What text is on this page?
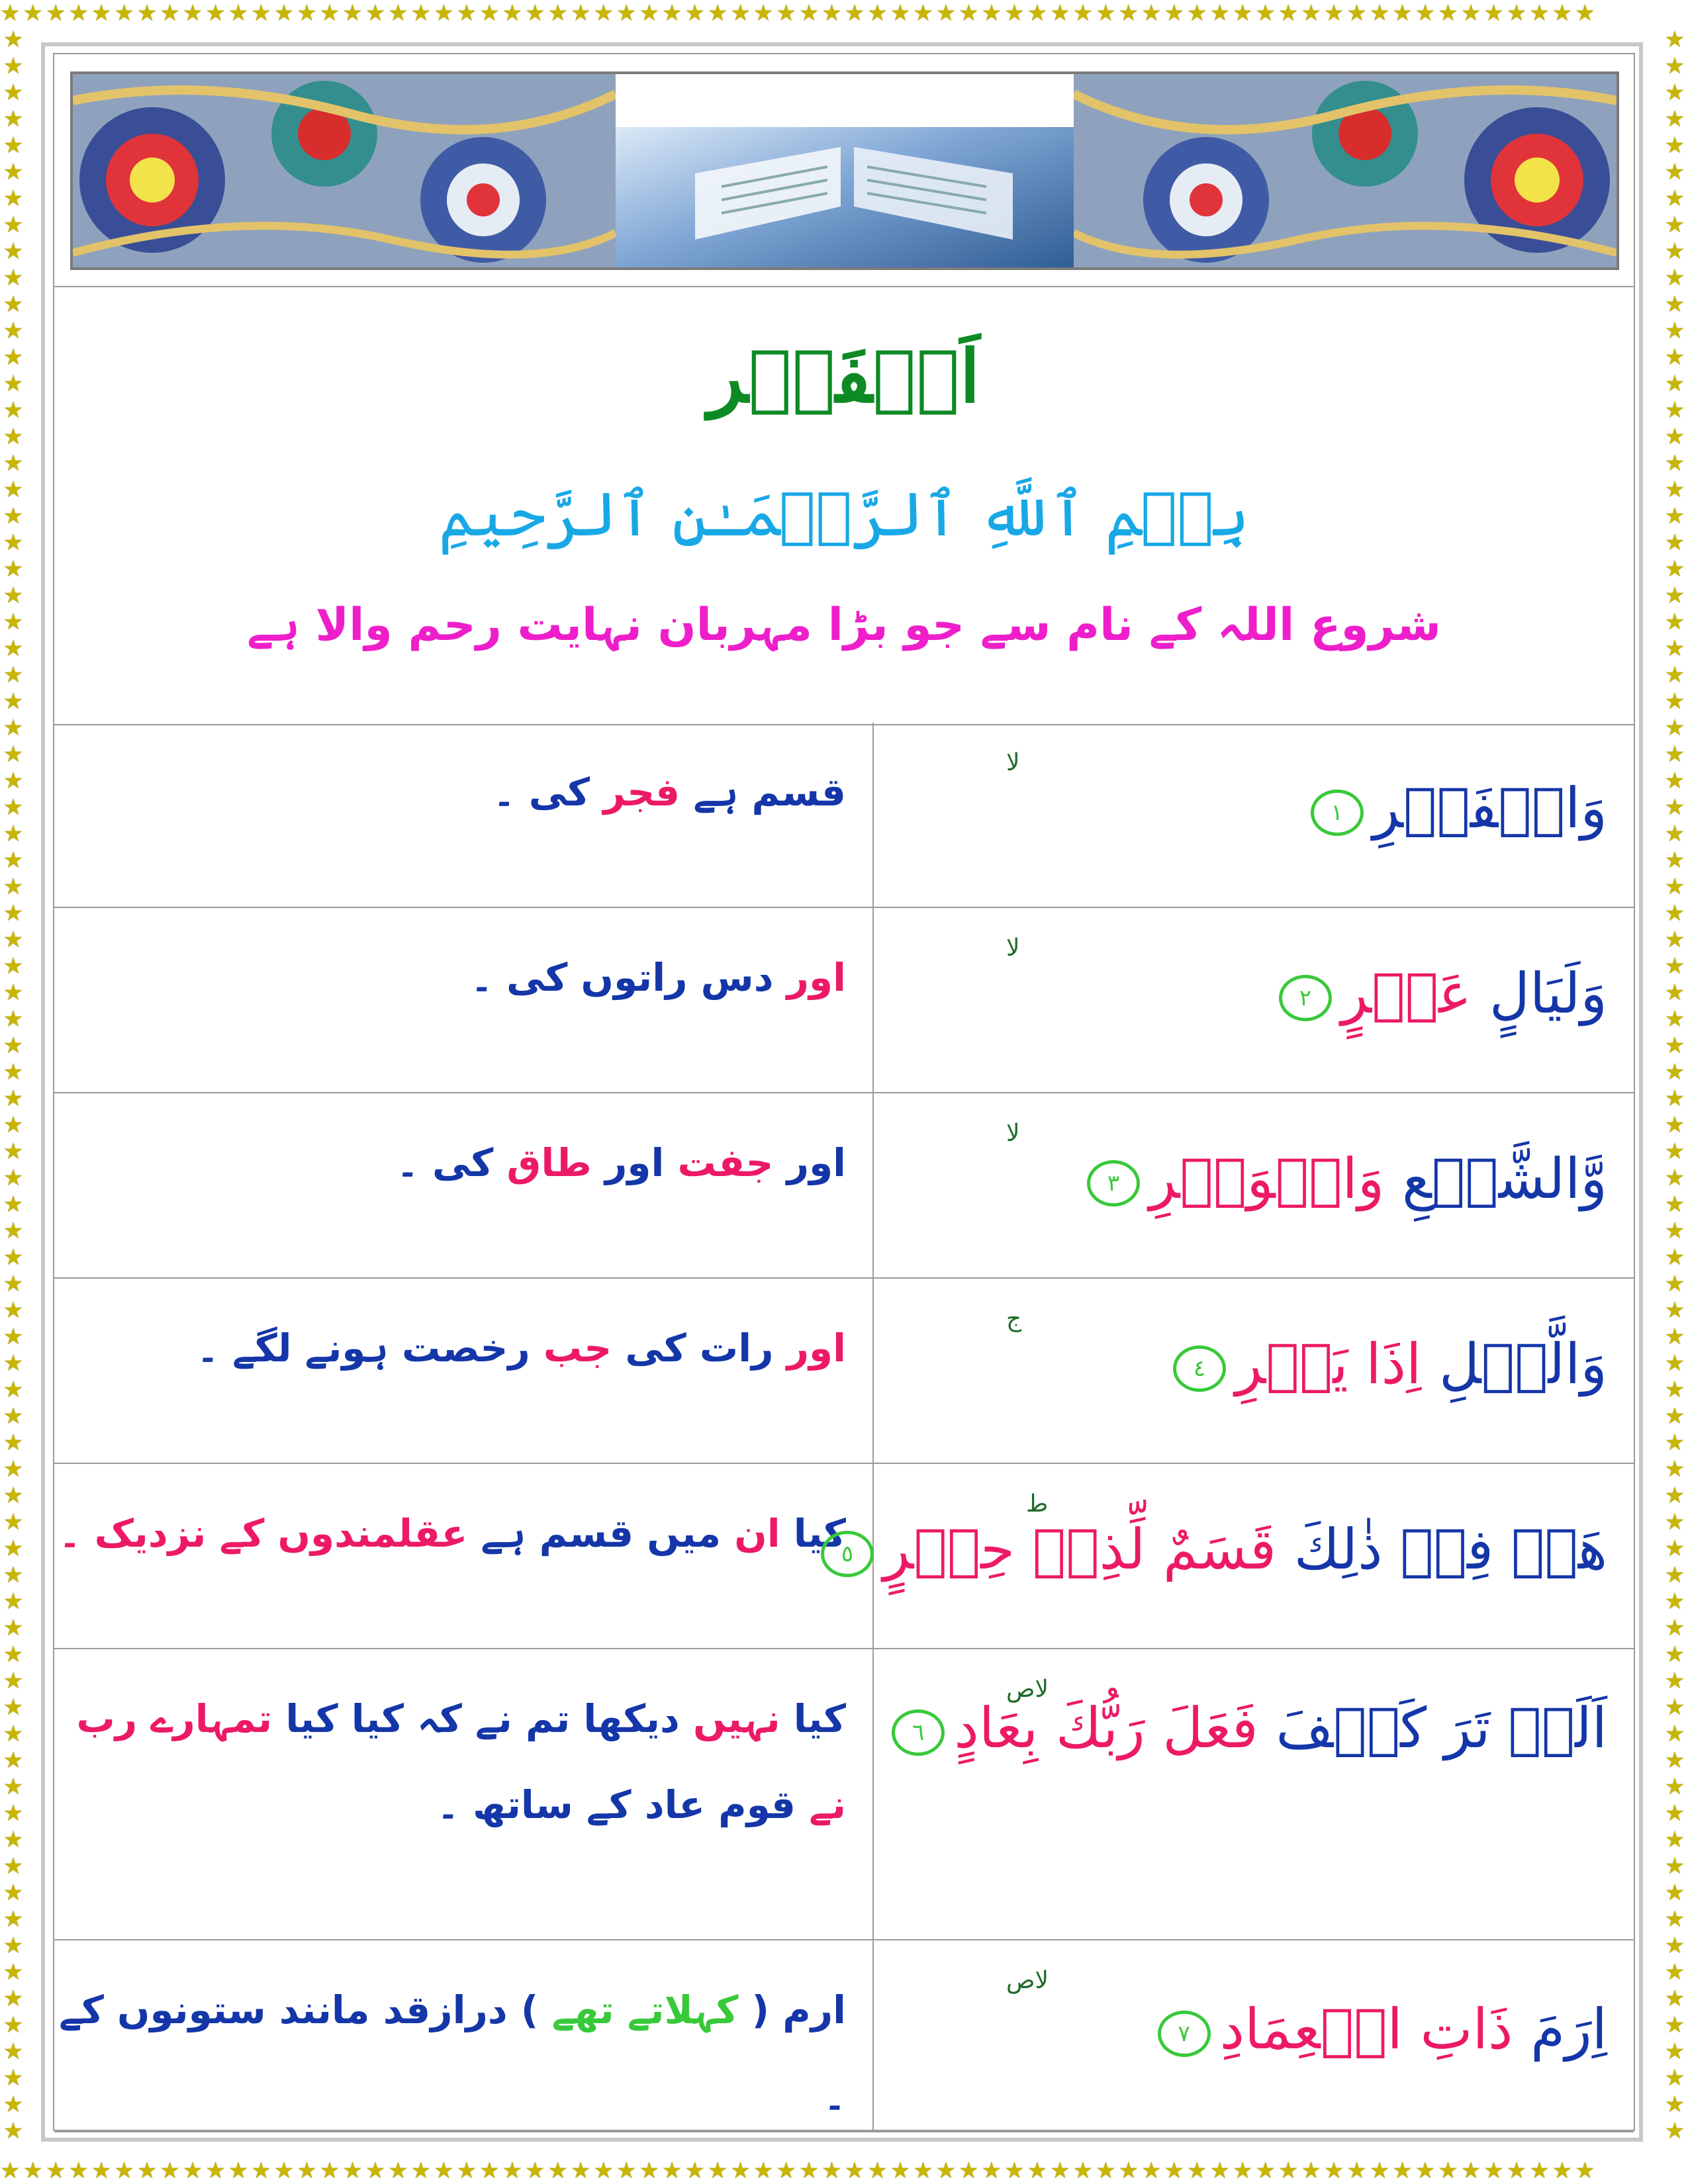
★★★★★★★★★★★★★★★★★★★★★★★★★★★★★★★★★★★★★★★★★★★★★★★★★★★★★★★★★★★★★★★★★★★★★★
★★★★★★★★★★★★★★★★★★★★★★★★★★★★★★★★★★★★★★★★★★★★★★★★★★★★★★★★★★★★★★★★★★★★★★
★★★★★★★★★★★★★★★★★★★★★★★★★★★★★★★★★★★★★★★★★★★★★★★★★★★★★★★★★★★★★★★★★★★★★★★★★★★★★★★★
★★★★★★★★★★★★★★★★★★★★★★★★★★★★★★★★★★★★★★★★★★★★★★★★★★★★★★★★★★★★★★★★★★★★★★★★★★★★★★★★
اَلۡفَجۡر
بِسۡمِ ٱللَّهِ ٱلرَّحۡمَـٰنِ ٱلرَّحِيمِ
شروع اللہ کے نام سے جو بڑا مہربان نہایت رحم والا ہے
قسم ہے فجر کی ۔
لا
وَالۡفَجۡرِ١
اور دس راتوں کی ۔
لا
وَلَيَالٍ عَشۡرٍ٢
اور جفت اور طاق کی ۔
لا
وَّالشَّفۡعِ وَالۡوَتۡرِ٣
اور رات کی جب رخصت ہونے لگے ۔
ج
وَالَّيۡلِ اِذَا يَسۡرِ٤
کیا ان میں قسم ہے عقلمندوں کے نزدیک ۔
ط
هَلۡ فِىۡ ذٰلِكَ قَسَمٌ لِّذِىۡ حِجۡرٍ٥
کیا نہیں دیکھا تم نے کہ کیا کیا تمہارے رب
نے قوم عاد کے ساتھ ۔
لاص
اَلَمۡ تَرَ كَيۡفَ فَعَلَ رَبُّكَ بِعَادٍ٦
ارم ( کہلاتے تھے ) درازقد مانند ستونوں کے ۔
لاص
اِرَمَ ذَاتِ الۡعِمَادِ٧
